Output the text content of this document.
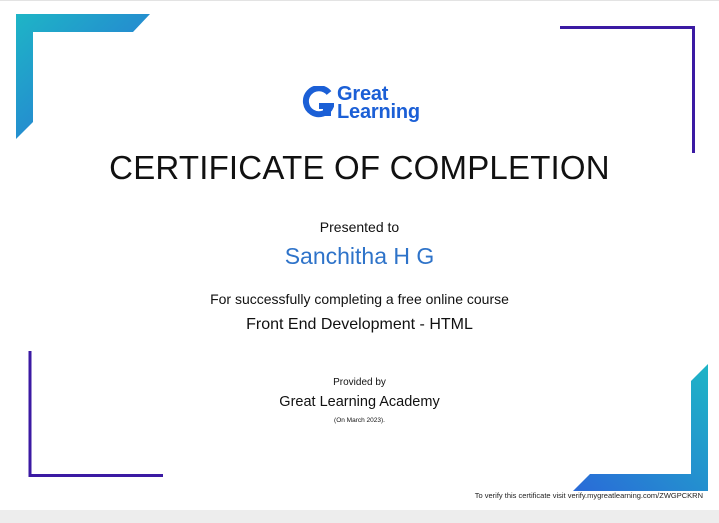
Great
Learning
CERTIFICATE OF COMPLETION
Presented to
Sanchitha H G
For successfully completing a free online course
Front End Development - HTML
Provided by
Great Learning Academy
(On March 2023).
To verify this certificate visit verify.mygreatlearning.com/ZWGPCKRN
